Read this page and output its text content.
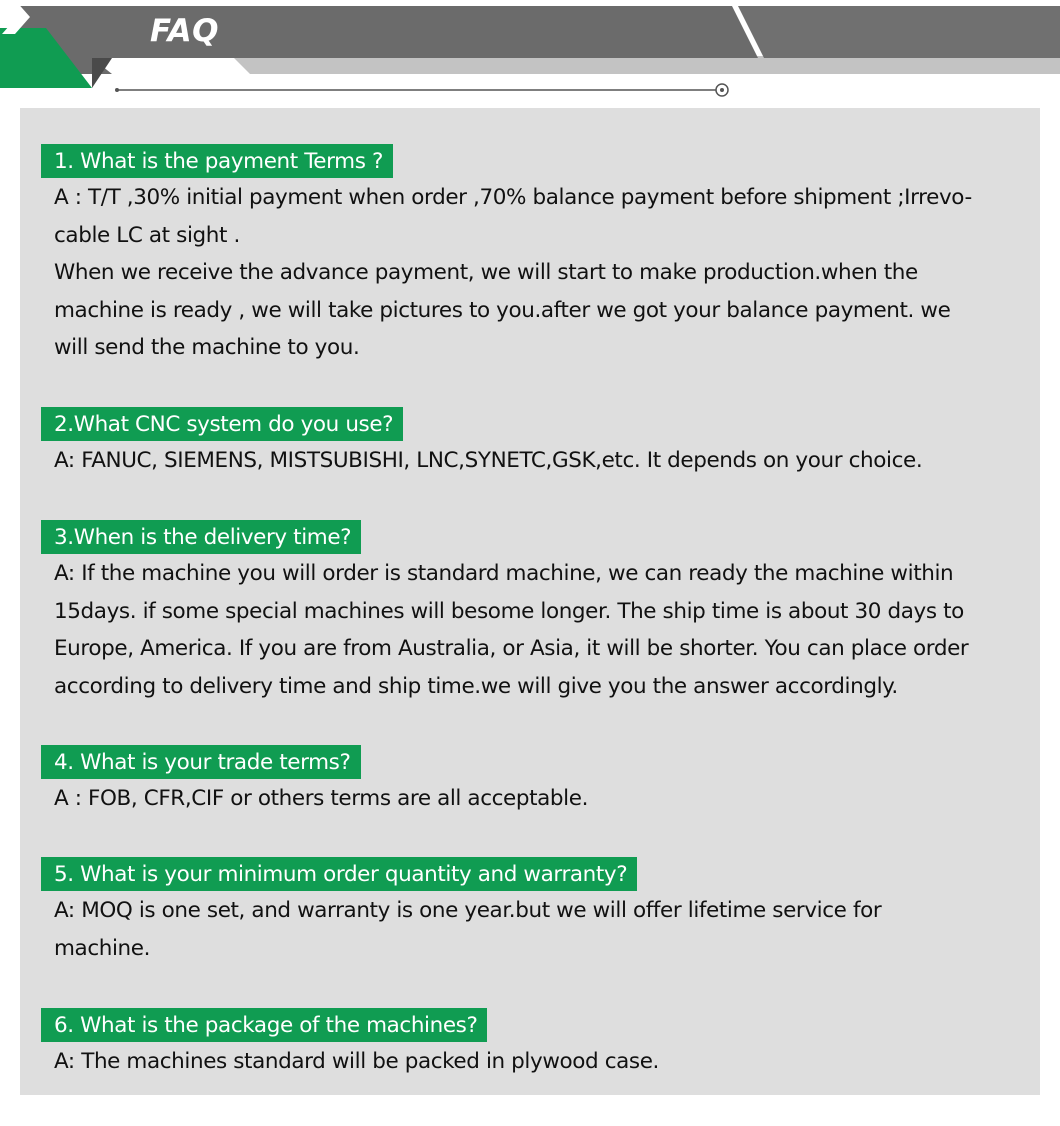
FAQ
1. What is the payment Terms ?
A : T/T ,30% initial payment when order ,70% balance payment before shipment ;Irrevo-
cable LC at sight .
When we receive the advance payment, we will start to make production.when the
machine is ready , we will take pictures to you.after we got your balance payment. we
will send the machine to you.
2.What CNC system do you use?
A: FANUC, SIEMENS, MISTSUBISHI, LNC,SYNETC,GSK,etc. It depends on your choice.
3.When is the delivery time?
A: If the machine you will order is standard machine, we can ready the machine within
15days. if some special machines will besome longer. The ship time is about 30 days to
Europe, America. If you are from Australia, or Asia, it will be shorter. You can place order
according to delivery time and ship time.we will give you the answer accordingly.
4. What is your trade terms?
A : FOB, CFR,CIF or others terms are all acceptable.
5. What is your minimum order quantity and warranty?
A: MOQ is one set, and warranty is one year.but we will offer lifetime service for
machine.
6. What is the package of the machines?
A: The machines standard will be packed in plywood case.
